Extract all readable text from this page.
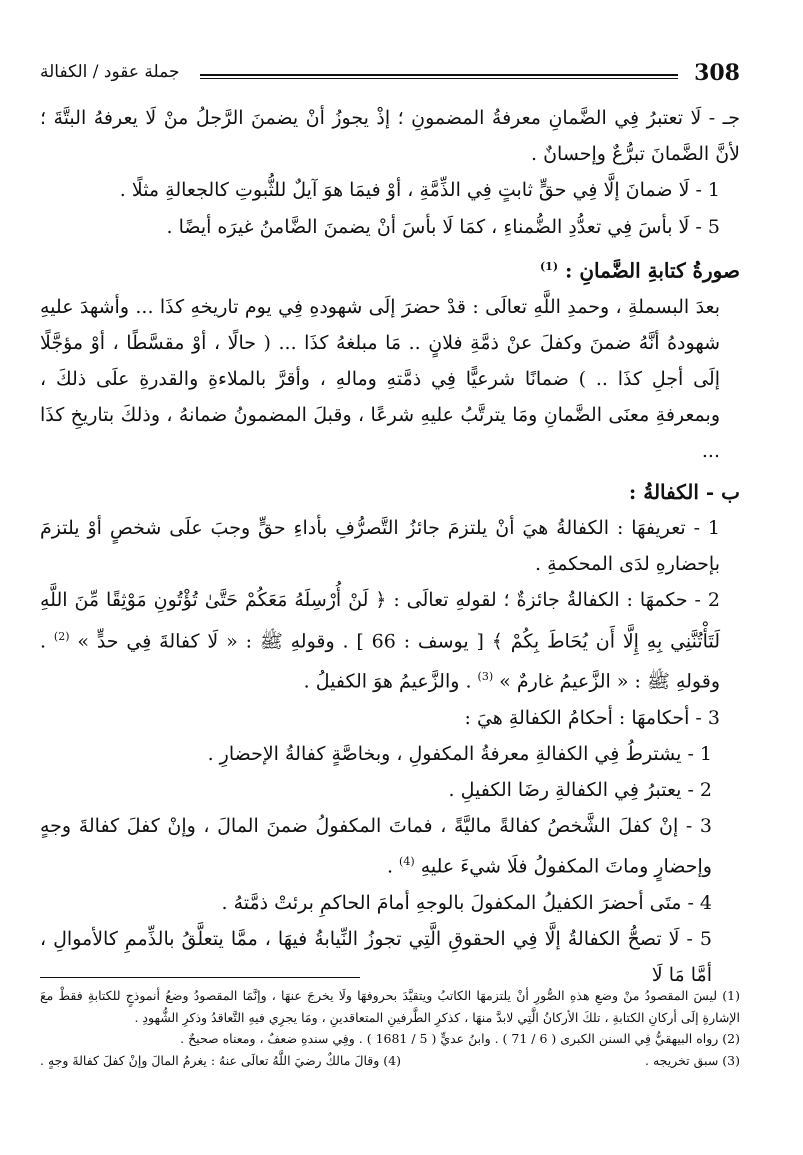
308
جملة عقود / الكفالة

جـ - لَا تعتبرُ فِي الضَّمانِ معرفةُ المضمونِ ؛ إذْ يجوزُ أنْ يضمنَ الرَّجلُ منْ لَا يعرفهُ البتَّةَ ؛ لأنَّ الضَّمانَ تبرُّعٌ وإحسانٌ .

1 - لَا ضمانَ إلَّا فِي حقٍّ ثابتٍ فِي الذِّمَّةِ ، أوْ فيمَا هوَ آيلٌ للثُّبوتِ كالجعالةِ مثلًا .

5 - لَا بأسَ فِي تعدُّدِ الضُّمناءِ ، كمَا لَا بأسَ أنْ يضمنَ الضَّامنُ غيرَه أيضًا .

صورةُ كتابةِ الضَّمانِ : $^{(1)}$

بعدَ البسملةِ ، وحمدِ اللَّهِ تعالَى : قدْ حضرَ إلَى شهودهِ فِي يوم تاريخهِ كذَا ... وأشهدَ عليهِ شهودهُ أنَّهُ ضمنَ وكفلَ عنْ ذمَّةِ فلانٍ .. مَا مبلغهُ كذَا ... ( حالًا ، أوْ مقسَّطًا ، أوْ مؤجَّلًا إلَى أجلِ كذَا .. ) ضمانًا شرعيًّا فِي ذمَّتهِ ومالهِ ، وأقرَّ بالملاءةِ والقدرةِ علَى ذلكَ ، وبمعرفةِ معنَى الضَّمانِ ومَا يترتَّبُ عليهِ شرعًا ، وقبلَ المضمونُ ضمانهُ ، وذلكَ بتاريخِ كذَا ...

ب - الكفالةُ :

1 - تعريفهَا : الكفالةُ هيَ أنْ يلتزمَ جائزُ التَّصرُّفِ بأداءِ حقٍّ وجبَ علَى شخصٍ أوْ يلتزمَ بإحضارهِ لدَى المحكمةِ .

2 - حكمهَا : الكفالةُ جائزةٌ ؛ لقولهِ تعالَى : ﴿ لَنْ أُرْسِلَهُ مَعَكُمْ حَتَّىٰ تُؤْتُونِ مَوْثِقًا مِّنَ اللَّهِ لَتَأْتُنَّنِي بِهِ إِلَّا أَن يُحَاطَ بِكُمْ ﴾ [ يوسف : 66 ] . وقولهِ ﷺ : « لَا كفالةَ فِي حدٍّ » $^{(2)}$ . وقولهِ ﷺ : « الزَّعيمُ غارمٌ » $^{(3)}$ . والزَّعيمُ هوَ الكفيلُ .

3 - أحكامهَا : أحكامُ الكفالةِ هيَ :

1 - يشترطُ فِي الكفالةِ معرفةُ المكفولِ ، وبخاصَّةٍ كفالةُ الإحضارِ .

2 - يعتبرُ فِي الكفالةِ رضَا الكفيلِ .

3 - إنْ كفلَ الشَّخصُ كفالةً ماليَّةً ، فماتَ المكفولُ ضمنَ المالَ ، وإنْ كفلَ كفالةَ وجهٍ وإحضارٍ وماتَ المكفولُ فلَا شيءَ عليهِ $^{(4)}$ .

4 - متَى أحضرَ الكفيلُ المكفولَ بالوجهِ أمامَ الحاكمِ برئتْ ذمَّتهُ .

5 - لَا تصحُّ الكفالةُ إلَّا فِي الحقوقِ الَّتِي تجوزُ النِّيابةُ فيهَا ، ممَّا يتعلَّقُ بالذِّممِ كالأموالِ ، أمَّا مَا لَا

(1) ليسَ المقصودُ منْ وضعِ هذهِ الصُّورِ أنْ يلتزمهَا الكاتبُ ويتقيَّدَ بحروفهَا ولَا يخرجَ عنهَا ، وإنَّمَا المقصودُ وضعُ أنموذجٍ للكتابةِ فقطْ معَ الإشارةِ إلَى أركانِ الكتابةِ ، تلكَ الأركانُ الَّتِي لابدَّ منهَا ، كذكرِ الطَّرفينِ المتعاقدينِ ، ومَا يجرِي فيهِ التَّعاقدُ وذكرِ الشُّهودِ .

(2) رواه البيهقيُّ فِي السنن الكبرى ( 6 / 71 ) . وابنُ عديٍّ ( 5 / 1681 ) . وفِي سندهِ ضعفٌ ، ومعناه صحيحٌ .

(3) سبق تخريجه .
(4) وقالَ مالكٌ رضيَ اللَّهُ تعالَى عنهُ : يغرمُ المالَ وإنْ كفلَ كفالةَ وجهٍ .
